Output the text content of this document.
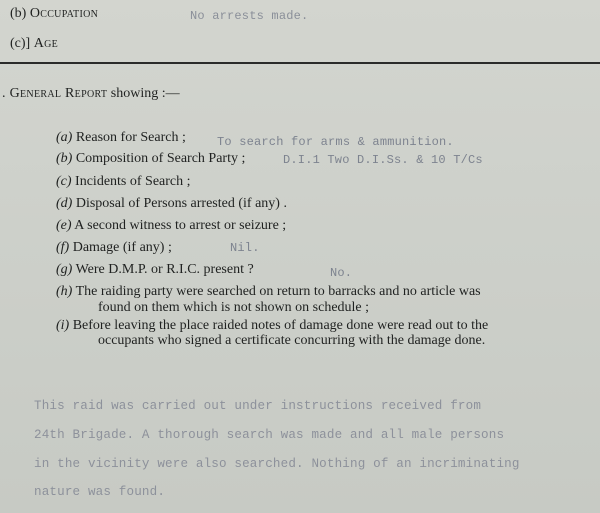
(b) Occupation	No arrests made.
(c)] Age
. General Report showing :—
(a) Reason for Search ;	To search for arms & ammunition.
(b) Composition of Search Party ;	D.I.1 Two D.I.Ss. & 10 T/Cs
(c) Incidents of Search ;
(d) Disposal of Persons arrested (if any) .
(e) A second witness to arrest or seizure ;
(f) Damage (if any) ;	Nil.
(g) Were D.M.P. or R.I.C. present ?	No.
(h) The raiding party were searched on return to barracks and no article was
found on them which is not shown on schedule ;
(i) Before leaving the place raided notes of damage done were read out to the
occupants who signed a certificate concurring with the damage done.
This raid was carried out under instructions received from
24th Brigade. A thorough search was made and all male persons
in the vicinity were also searched. Nothing of an incriminating
nature was found.
